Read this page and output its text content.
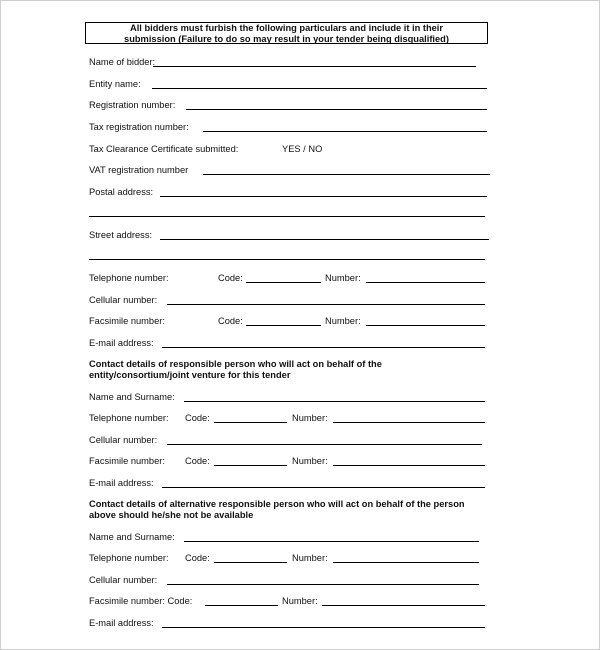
All bidders must furbish the following particulars and include it in their
submission (Failure to do so may result in your tender being disqualified)
Name of bidder:
Entity name:
Registration number:
Tax registration number:
Tax Clearance Certificate submitted:	YES / NO
VAT registration number
Postal address:
Street address:
Telephone number:	Code:	Number:
Cellular number:
Facsimile number:	Code:	Number:
E-mail address:
Contact details of responsible person who will act on behalf of the
entity/consortium/joint venture for this tender
Name and Surname:
Telephone number: Code:	Number:
Cellular number:
Facsimile number: Code:	Number:
E-mail address:
Contact details of alternative responsible person who will act on behalf of the person
above should he/she not be available
Name and Surname:
Telephone number: Code:	Number:
Cellular number:
Facsimile number: Code:	Number:
E-mail address:
